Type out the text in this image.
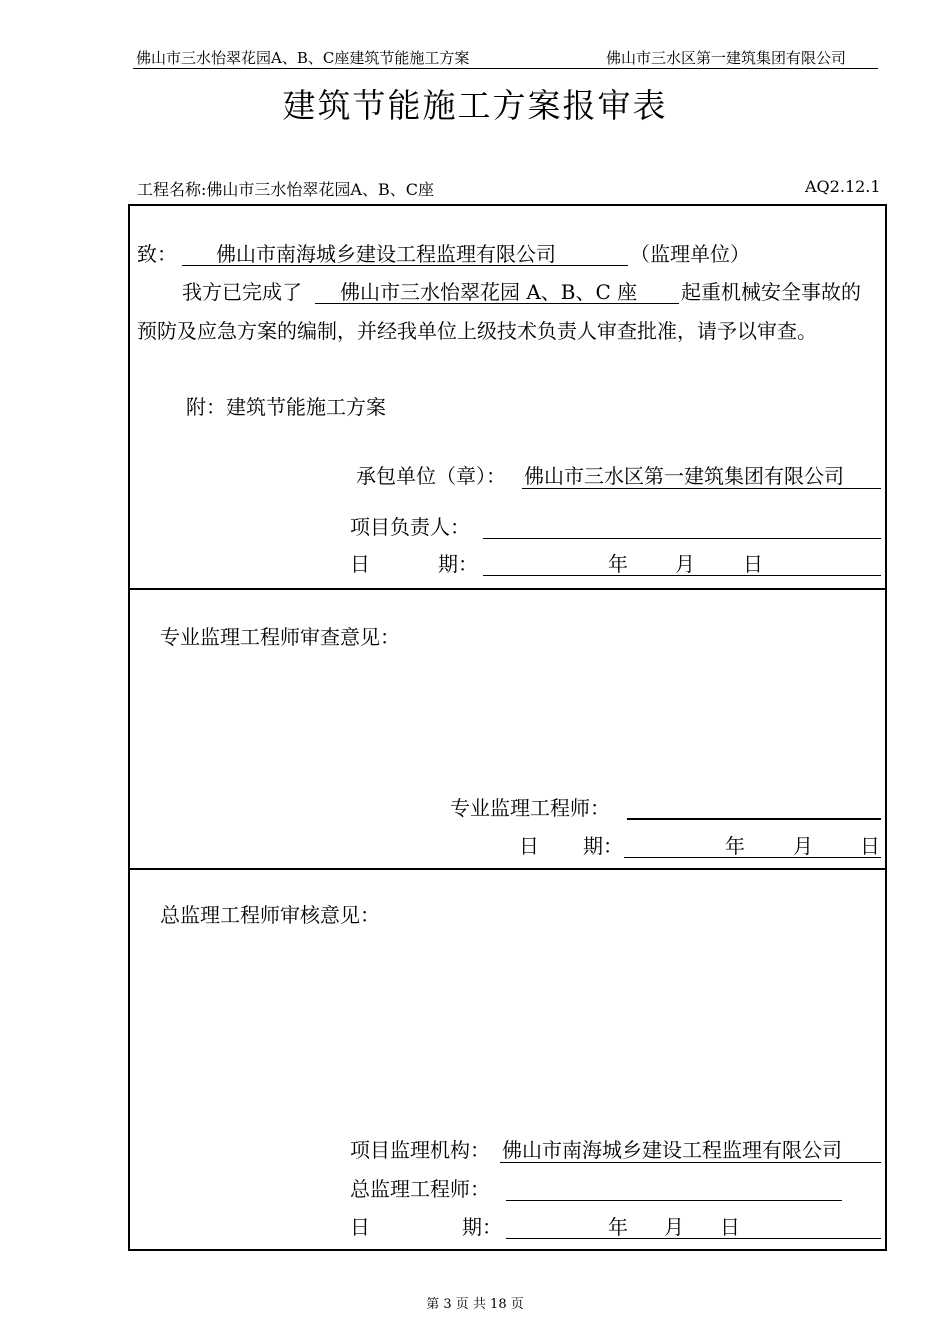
佛山市三水怡翠花园A、B、C座建筑节能施工方案	佛山市三水区第一建筑集团有限公司
建筑节能施工方案报审表
工程名称:佛山市三水怡翠花园A、B、C座	AQ2.12.1
致： 佛山市南海城乡建设工程监理有限公司	（监理单位）
我方已完成了 佛山市三水怡翠花园 A、B、C 座 起重机械安全事故的
预防及应急方案的编制，并经我单位上级技术负责人审查批准，请予以审查。
附：建筑节能施工方案
承包单位（章）： 佛山市三水区第一建筑集团有限公司
项目负责人：
日	期：	年 月 日
专业监理工程师审查意见：
专业监理工程师：
日 期：	年 月 日
总监理工程师审核意见：
项目监理机构： 佛山市南海城乡建设工程监理有限公司
总监理工程师：
日	期：	年 月 日
第 3 页 共 18 页
